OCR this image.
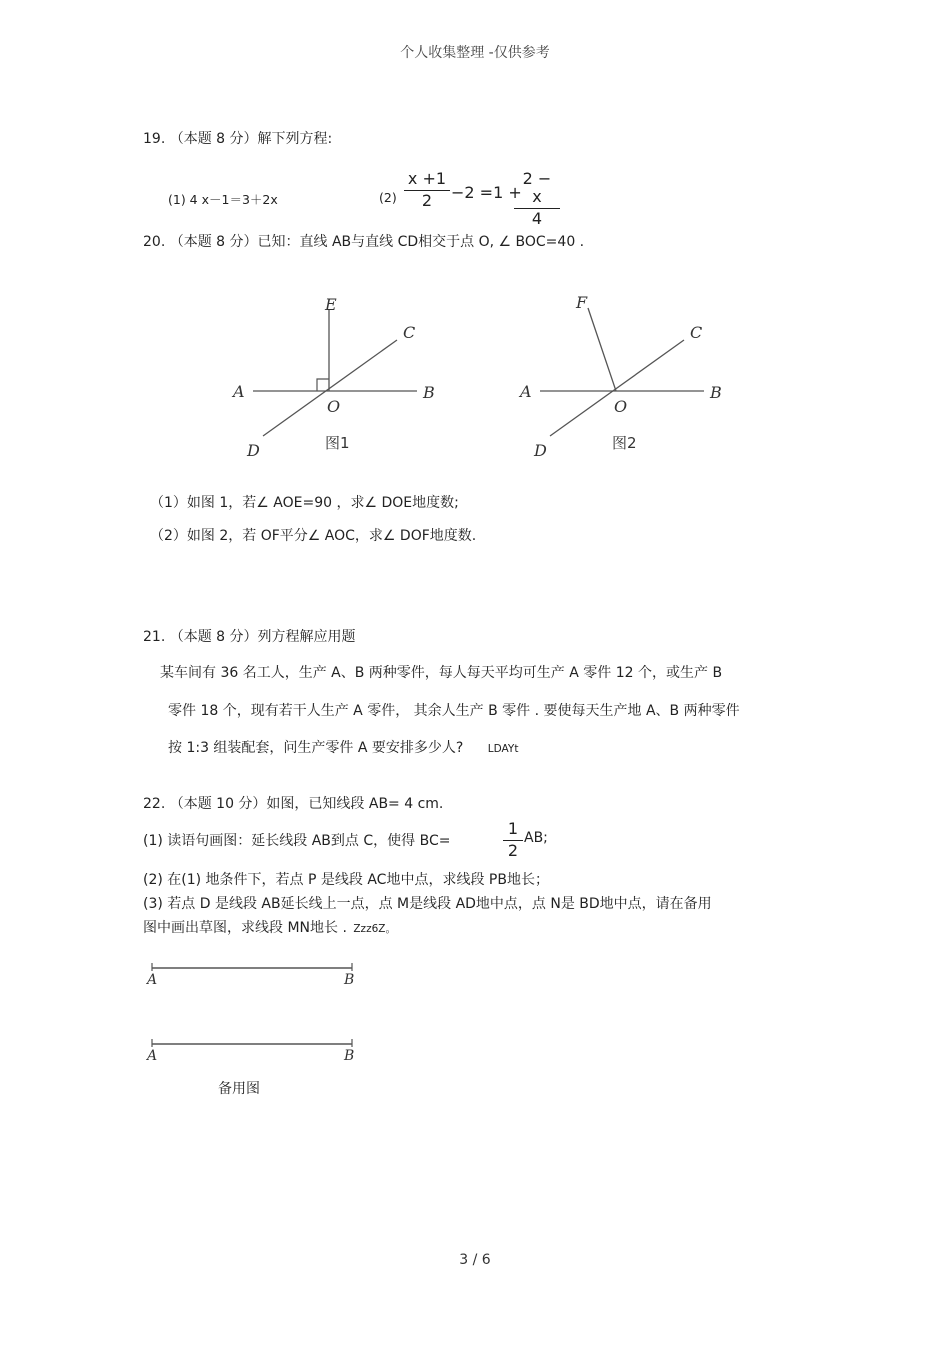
个人收集整理 -仅供参考
19. （本题 8 分）解下列方程:
(1) 4 x－1＝3＋2x	(2)
x +1
2	−2 =1 +
2 − x
4
20. （本题 8 分）已知：直线 AB与直线 CD相交于点 O, ∠ BOC=40 .
E
C
A
O
B
D	图1
F
C
A
O
B
D	图2
（1）如图 1，若∠ AOE=90 ，求∠ DOE地度数;
（2）如图 2，若 OF平分∠ AOC，求∠ DOF地度数.
21. （本题 8 分）列方程解应用题
某车间有 36 名工人，生产 A、B 两种零件，每人每天平均可生产 A 零件 12 个，或生产 B
零件 18 个，现有若干人生产 A 零件， 其余人生产 B 零件 . 要使每天生产地 A、B 两种零件
按 1:3 组装配套，问生产零件 A 要安排多少人? LDAYt
22. （本题 10 分）如图，已知线段 AB= 4 cm.
(1) 读语句画图：延长线段 AB到点 C，使得 BC=
1
2
AB;
(2) 在(1) 地条件下，若点 P 是线段 AC地中点，求线段 PB地长；
(3) 若点 D 是线段 AB延长线上一点，点 M是线段 AD地中点，点 N是 BD地中点，请在备用
图中画出草图，求线段 MN地长 . Zzz6Z。
A	B
A	B
备用图
3 / 6
